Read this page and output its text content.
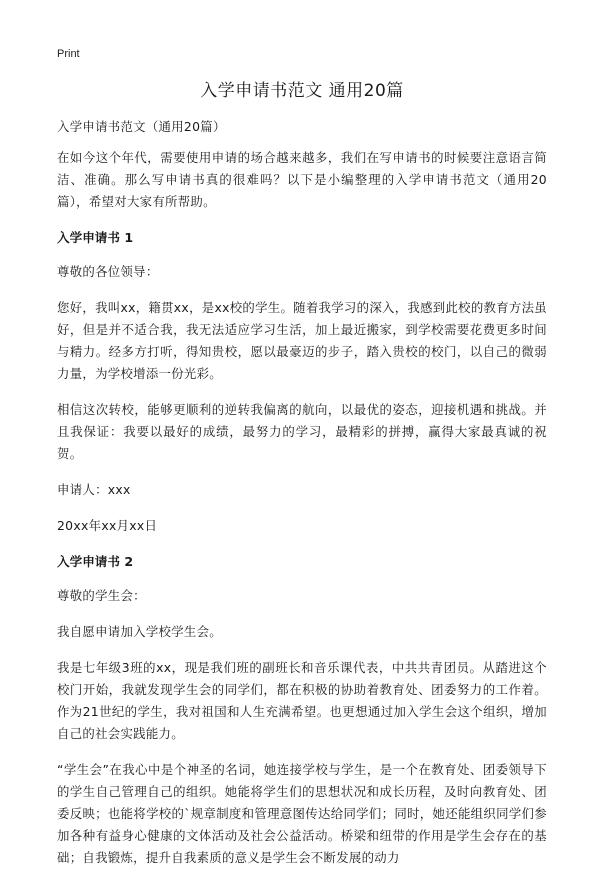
Print
入学申请书范文 通用20篇

入学申请书范文（通用20篇）

在如今这个年代，需要使用申请的场合越来越多，我们在写申请书的时候要注意语言简洁、准确。那么写申请书真的很难吗？以下是小编整理的入学申请书范文（通用20篇），希望对大家有所帮助。

入学申请书 1

尊敬的各位领导：

您好，我叫xx，籍贯xx，是xx校的学生。随着我学习的深入，我感到此校的教育方法虽好，但是并不适合我，我无法适应学习生活，加上最近搬家，到学校需要花费更多时间与精力。经多方打听，得知贵校，愿以最豪迈的步子，踏入贵校的校门，以自己的微弱力量，为学校增添一份光彩。

相信这次转校，能够更顺利的逆转我偏离的航向，以最优的姿态，迎接机遇和挑战。并且我保证：我要以最好的成绩，最努力的学习，最精彩的拼搏，赢得大家最真诚的祝贺。

申请人：xxx

20xx年xx月xx日

入学申请书 2

尊敬的学生会：

我自愿申请加入学校学生会。

我是七年级3班的xx，现是我们班的副班长和音乐课代表，中共共青团员。从踏进这个校门开始，我就发现学生会的同学们，都在积极的协助着教育处、团委努力的工作着。作为21世纪的学生，我对祖国和人生充满希望。也更想通过加入学生会这个组织，增加自己的社会实践能力。

“学生会”在我心中是个神圣的名词，她连接学校与学生，是一个在教育处、团委领导下的学生自己管理自己的组织。她能将学生们的思想状况和成长历程，及时向教育处、团委反映；也能将学校的`规章制度和管理意图传达给同学们；同时，她还能组织同学们参加各种有益身心健康的文体活动及社会公益活动。桥梁和纽带的作用是学生会存在的基础；自我锻炼，提升自我素质的意义是学生会不断发展的动力
